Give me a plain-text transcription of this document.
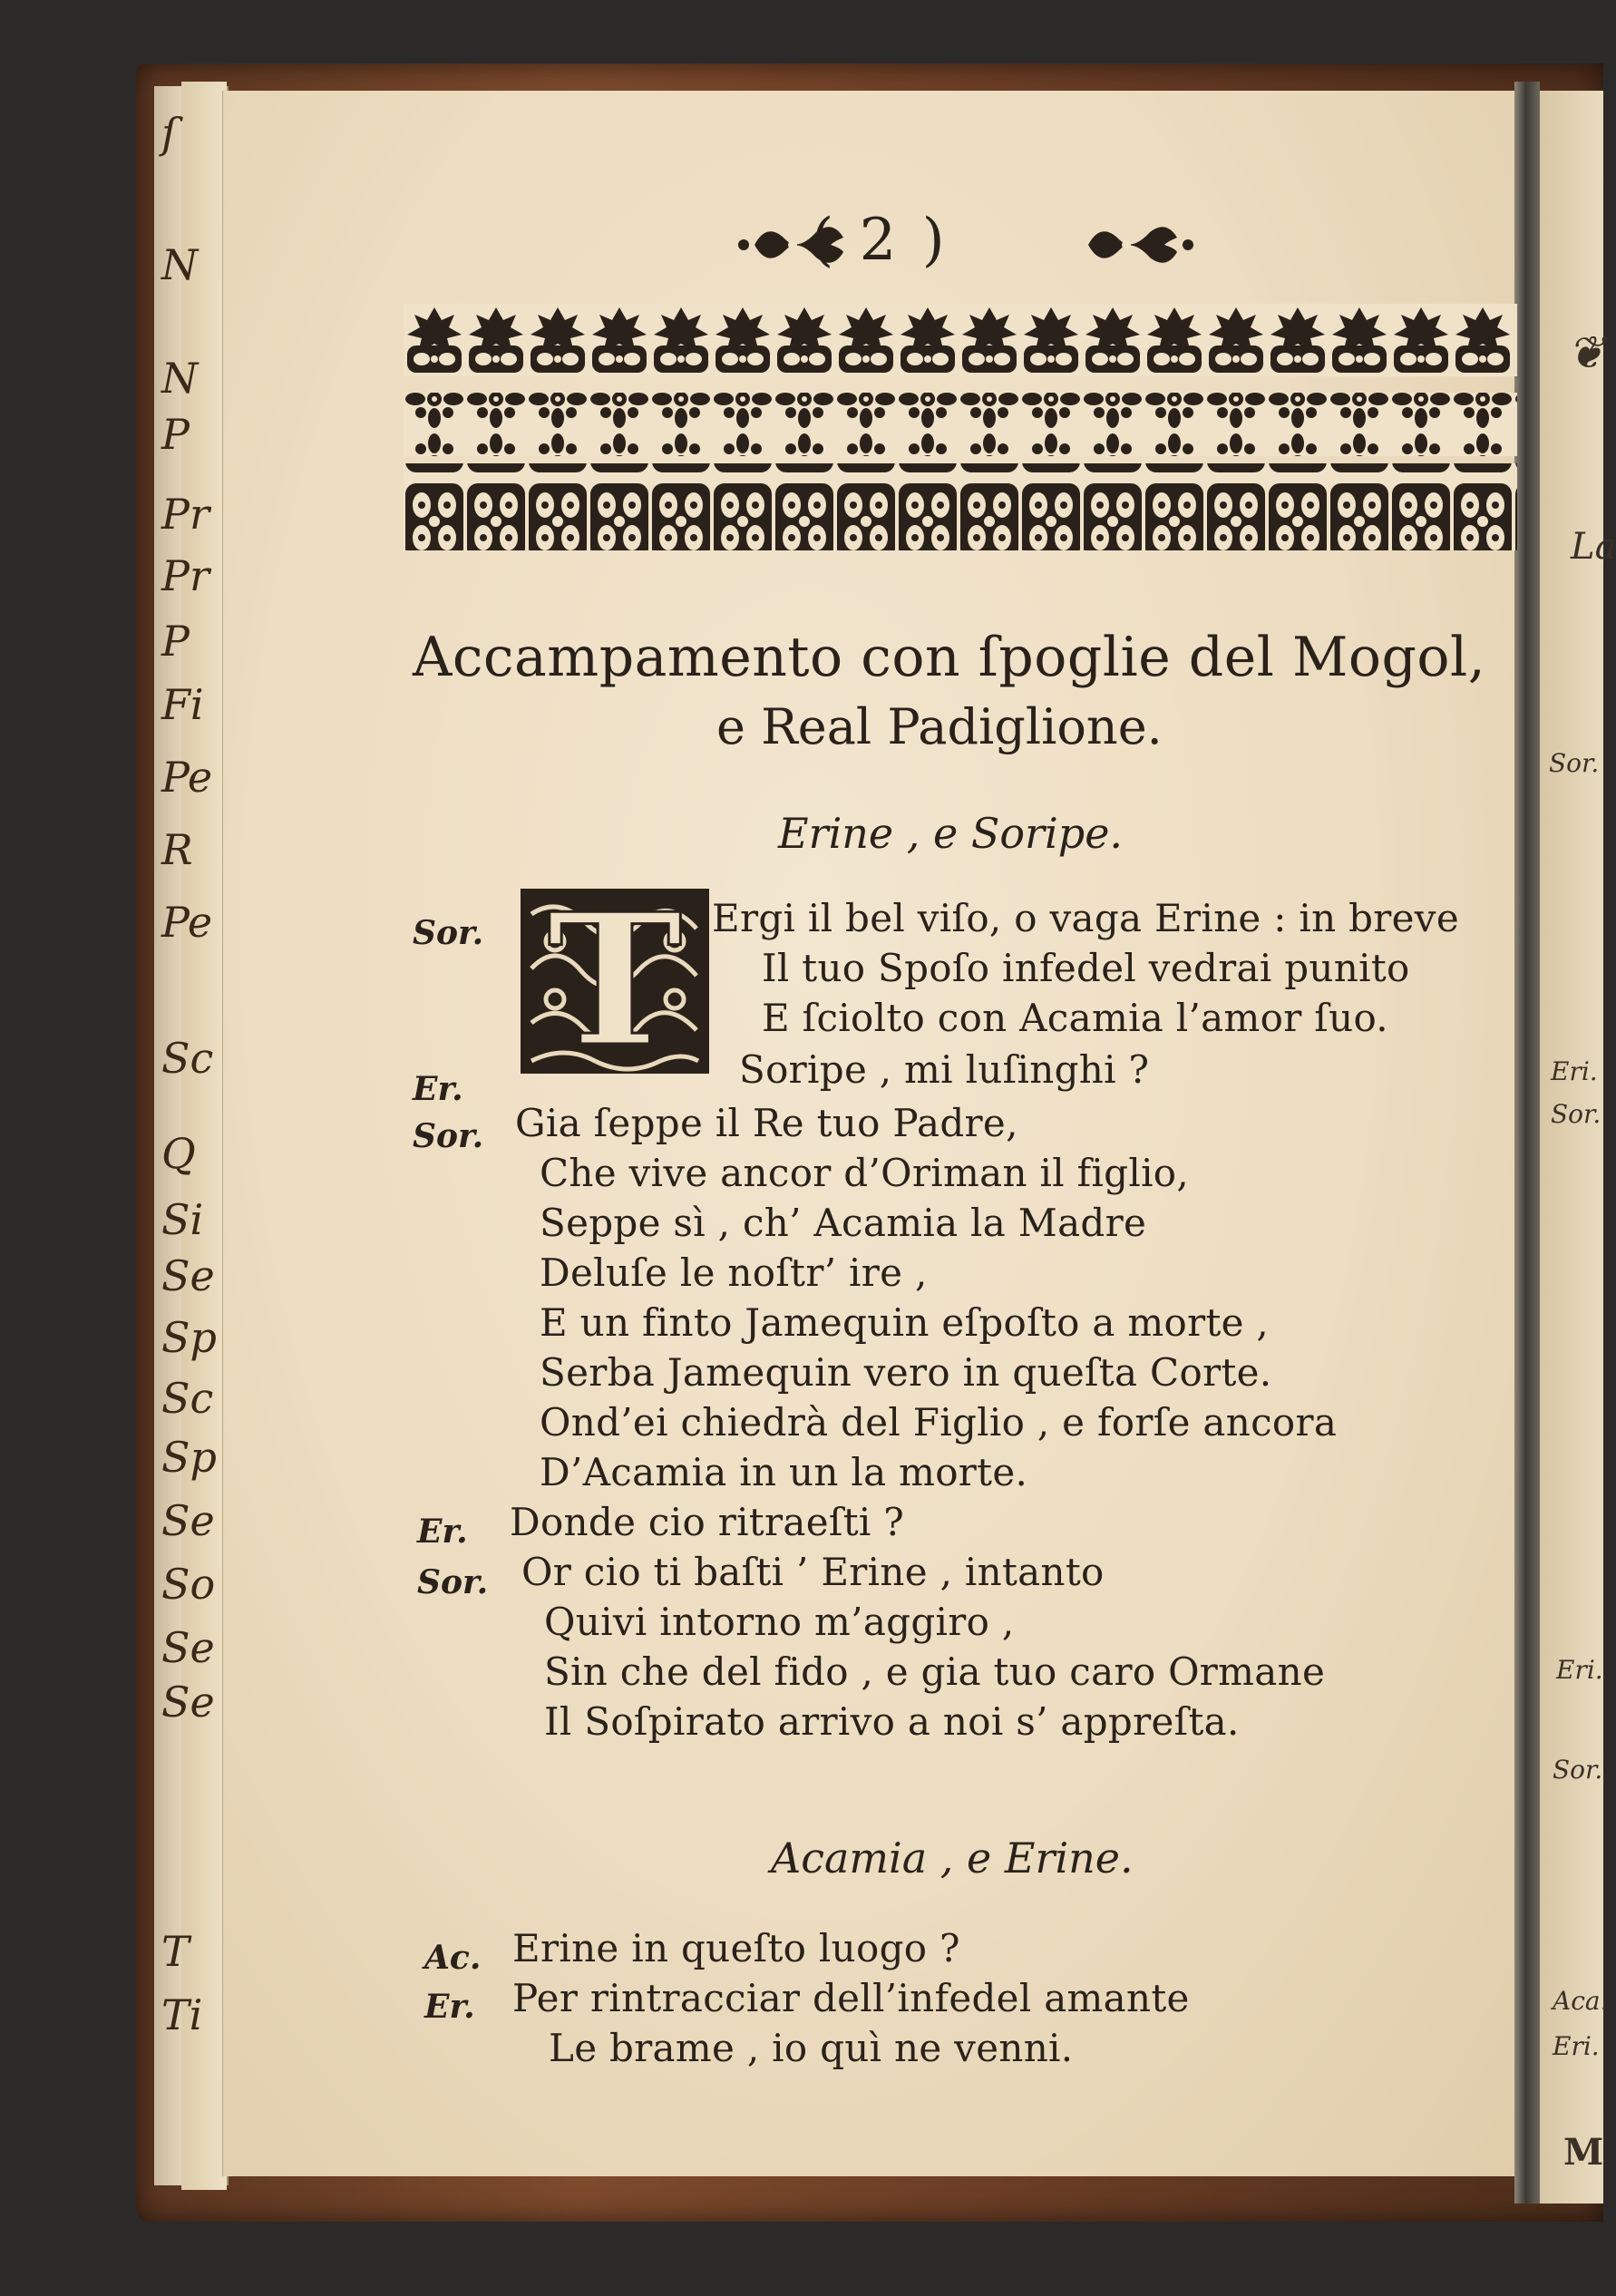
ſ
N
N
P
Pr
Pr
P
Fi
Pe
R
Pe
Sc
Q
Si
Se
Sp
Sc
Sp
Se
So
Se
Se
T
Ti
❦
La
Sor.
Eri.
Sor.
Eri.
Sor.
Aca.
Eri.
M
( 2 )
Accampamento con ſpoglie del Mogol,
e Real Padiglione.
Erine , e Soripe.
T
Sor.	Ergi il bel viſo, o vaga Erine : in breve
Il tuo Spoſo infedel vedrai punito
E ſciolto con Acamia l’amor ſuo.
Er.	Soripe , mi luſinghi ?
Sor. Gia ſeppe il Re tuo Padre,
Che vive ancor d’Oriman il figlio,
Seppe sì , ch’ Acamia la Madre
Deluſe le noſtr’ ire ,
E un finto Jamequin eſpoſto a morte ,
Serba Jamequin vero in queſta Corte.
Ond’ei chiedrà del Figlio , e forſe ancora
D’Acamia in un la morte.
Er. Donde cio ritraeſti ?
Sor. Or cio ti baſti ’ Erine , intanto
Quivi intorno m’aggiro ,
Sin che del fido , e gia tuo caro Ormane
Il Soſpirato arrivo a noi s’ appreſta.
Acamia , e Erine.
Ac. Erine in queſto luogo ?
Er. Per rintracciar dell’infedel amante
Le brame , io quì ne venni.
